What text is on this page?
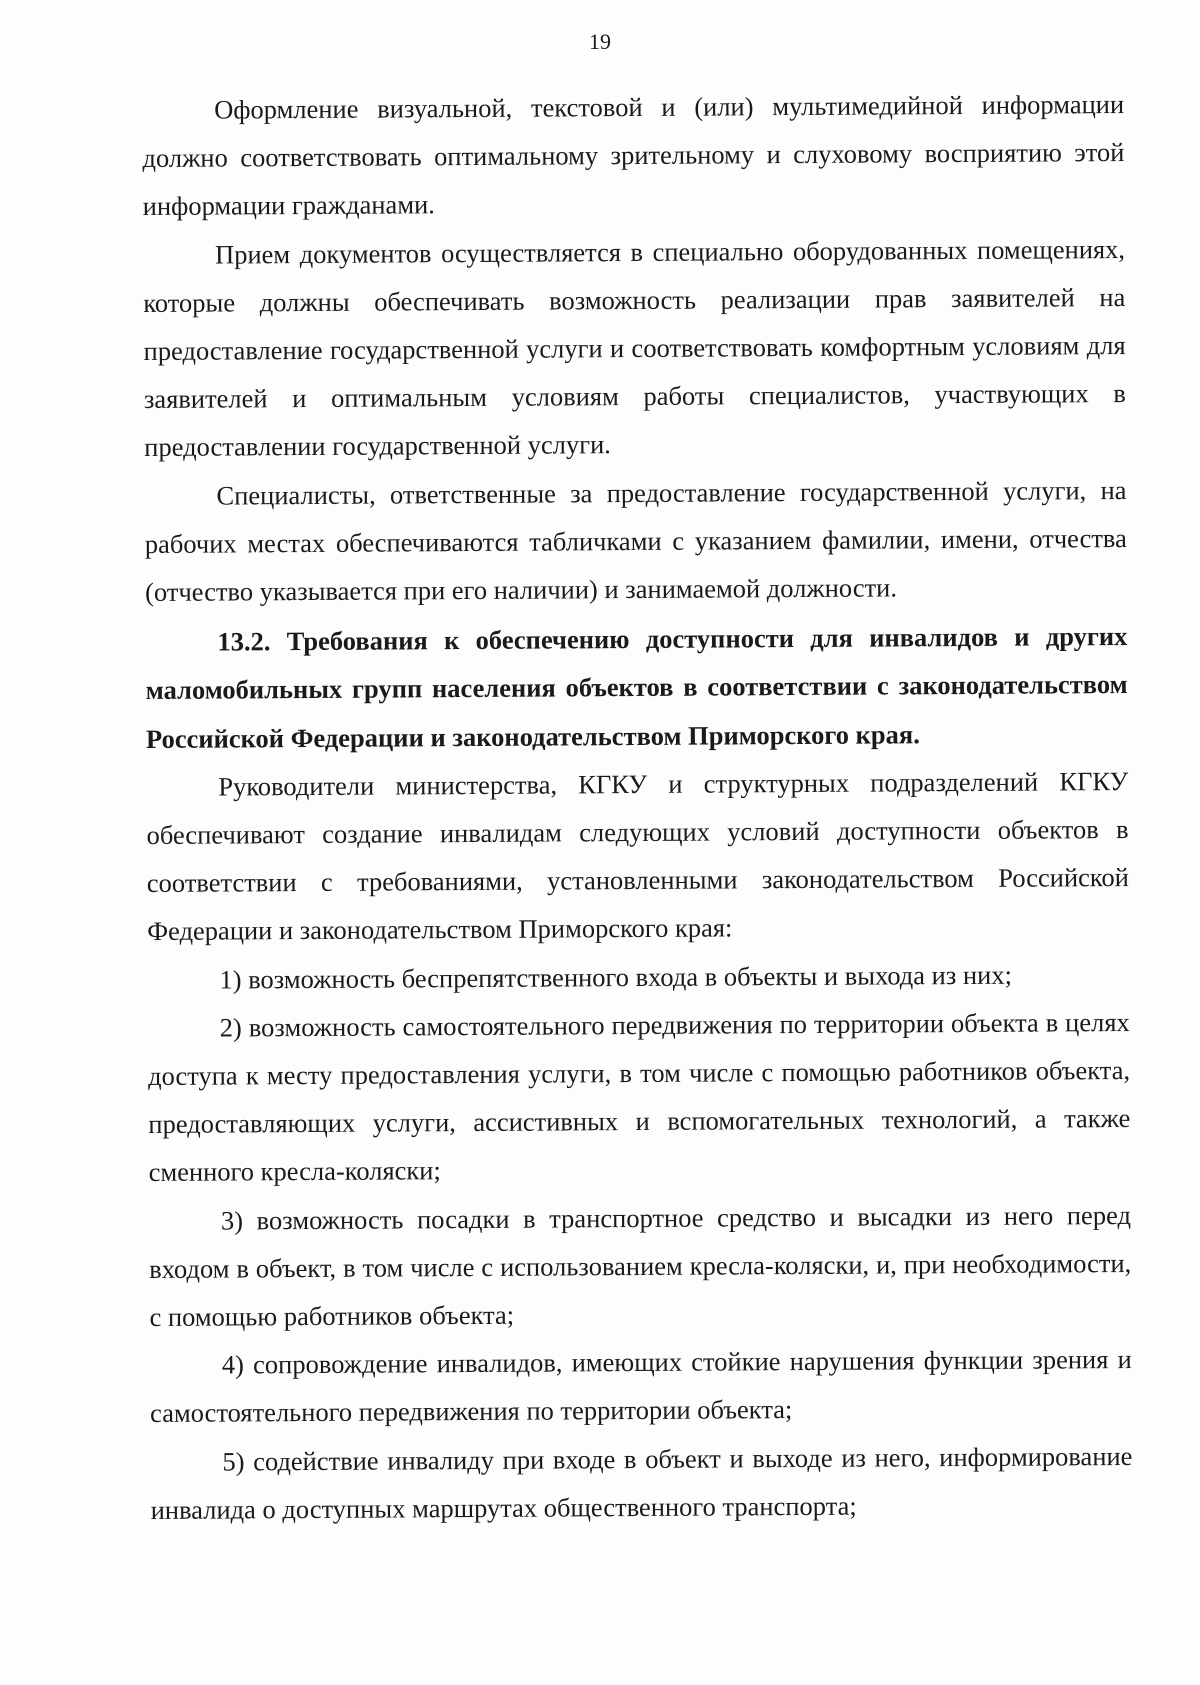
19

Оформление визуальной, текстовой и (или) мультимедийной информации должно соответствовать оптимальному зрительному и слуховому восприятию этой информации гражданами.

Прием документов осуществляется в специально оборудованных помещениях, которые должны обеспечивать возможность реализации прав заявителей на предоставление государственной услуги и соответствовать комфортным условиям для заявителей и оптимальным условиям работы специалистов, участвующих в предоставлении государственной услуги.

Специалисты, ответственные за предоставление государственной услуги, на рабочих местах обеспечиваются табличками с указанием фамилии, имени, отчества (отчество указывается при его наличии) и занимаемой должности.

13.2. Требования к обеспечению доступности для инвалидов и других маломобильных групп населения объектов в соответствии с законодательством Российской Федерации и законодательством Приморского края.

Руководители министерства, КГКУ и структурных подразделений КГКУ обеспечивают создание инвалидам следующих условий доступности объектов в соответствии с требованиями, установленными законодательством Российской Федерации и законодательством Приморского края:

1) возможность беспрепятственного входа в объекты и выхода из них;

2) возможность самостоятельного передвижения по территории объекта в целях доступа к месту предоставления услуги, в том числе с помощью работников объекта, предоставляющих услуги, ассистивных и вспомогательных технологий, а также сменного кресла-коляски;

3) возможность посадки в транспортное средство и высадки из него перед входом в объект, в том числе с использованием кресла-коляски, и, при необходимости, с помощью работников объекта;

4) сопровождение инвалидов, имеющих стойкие нарушения функции зрения и самостоятельного передвижения по территории объекта;

5) содействие инвалиду при входе в объект и выходе из него, информирование инвалида о доступных маршрутах общественного транспорта;
